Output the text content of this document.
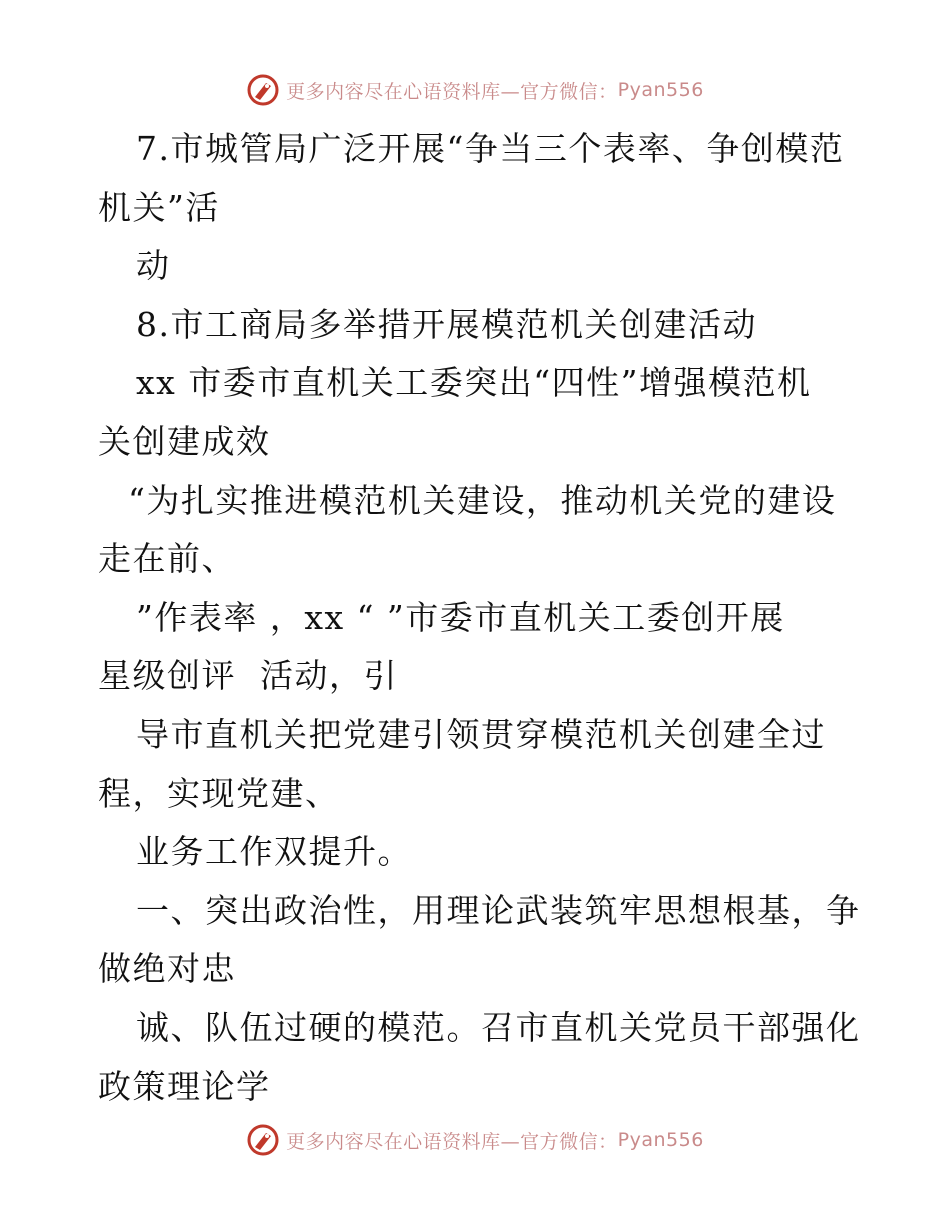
更多内容尽在心语资料库—官方微信： Pyan556
7.市城管局广泛开展“争当三个表率、争创模范
机关”活
动
8.市工商局多举措开展模范机关创建活动
xx 市委市直机关工委突出“四性”增强模范机
关创建成效
“为扎实推进模范机关建设，推动机关党的建设
走在前、
”作表率 ，xx “ ”市委市直机关工委创开展
星级创评  活动，引
导市直机关把党建引领贯穿模范机关创建全过
程，实现党建、
业务工作双提升。
一、突出政治性，用理论武装筑牢思想根基，争
做绝对忠
诚、队伍过硬的模范。召市直机关党员干部强化
政策理论学
更多内容尽在心语资料库—官方微信： Pyan556
